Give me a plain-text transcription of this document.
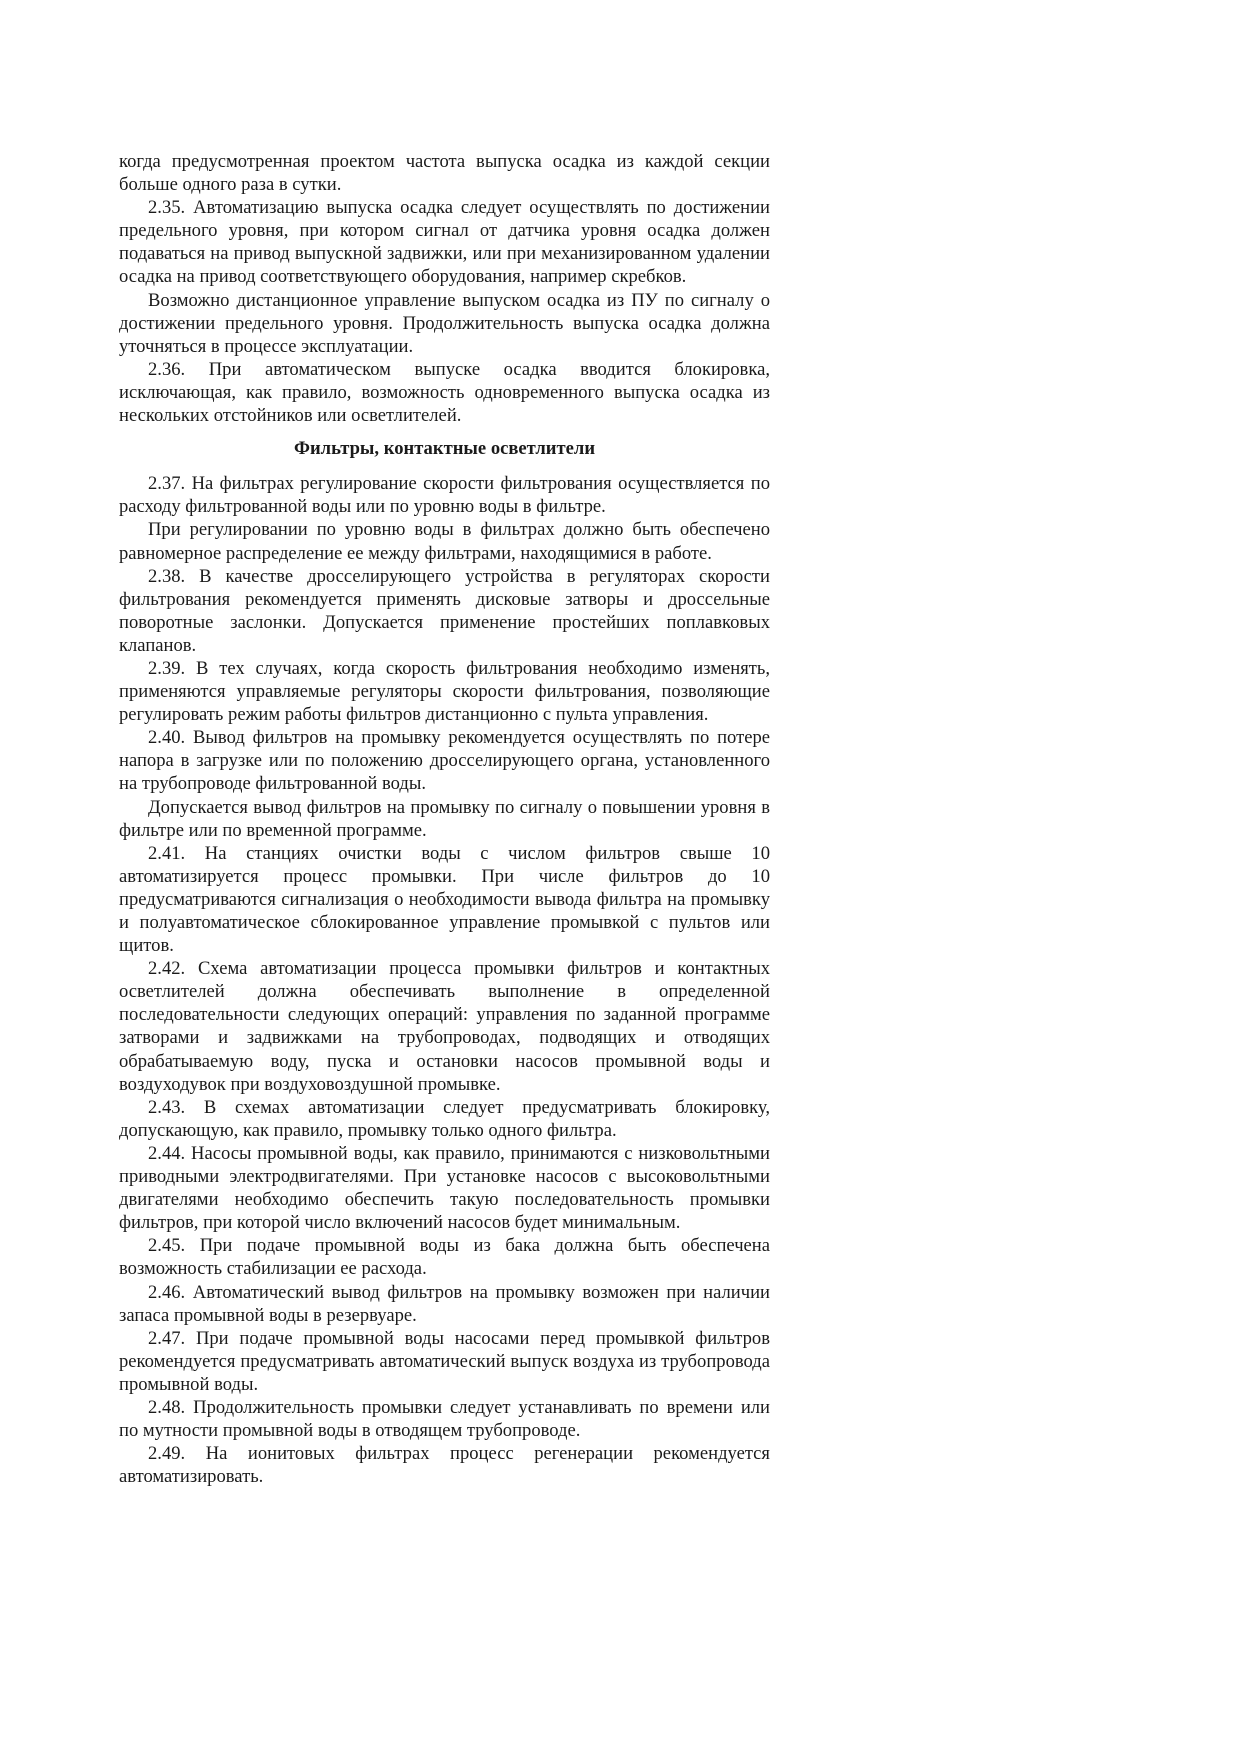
когда предусмотренная проектом частота выпуска осадка из каждой секции больше одного раза в сутки.

2.35. Автоматизацию выпуска осадка следует осуществлять по достижении предельного уровня, при котором сигнал от датчика уровня осадка должен подаваться на привод выпускной задвижки, или при механизированном удалении осадка на привод соответствующего оборудования, например скребков.

Возможно дистанционное управление выпуском осадка из ПУ по сигналу о достижении предельного уровня. Продолжительность выпуска осадка должна уточняться в процессе эксплуатации.

2.36. При автоматическом выпуске осадка вводится блокировка, исключающая, как правило, возможность одновременного выпуска осадка из нескольких отстойников или осветлителей.

Фильтры, контактные осветлители

2.37. На фильтрах регулирование скорости фильтрования осуществляется по расходу фильтрованной воды или по уровню воды в фильтре.

При регулировании по уровню воды в фильтрах должно быть обеспечено равномерное распределение ее между фильтрами, находящимися в работе.

2.38. В качестве дросселирующего устройства в регуляторах скорости фильтрования рекомендуется применять дисковые затворы и дроссельные поворотные заслонки. Допускается применение простейших поплавковых клапанов.

2.39. В тех случаях, когда скорость фильтрования необходимо изменять, применяются управляемые регуляторы скорости фильтрования, позволяющие регулировать режим работы фильтров дистанционно с пульта управления.

2.40. Вывод фильтров на промывку рекомендуется осуществлять по потере напора в загрузке или по положению дросселирующего органа, установленного на трубопроводе фильтрованной воды.

Допускается вывод фильтров на промывку по сигналу о повышении уровня в фильтре или по временной программе.

2.41. На станциях очистки воды с числом фильтров свыше 10 автоматизируется процесс промывки. При числе фильтров до 10 предусматриваются сигнализация о необходимости вывода фильтра на промывку и полуавтоматическое сблокированное управление промывкой с пультов или щитов.

2.42. Схема автоматизации процесса промывки фильтров и контактных осветлителей должна обеспечивать выполнение в определенной последовательности следующих операций: управления по заданной программе затворами и задвижками на трубопроводах, подводящих и отводящих обрабатываемую воду, пуска и остановки насосов промывной воды и воздуходувок при воздуховоздушной промывке.

2.43. В схемах автоматизации следует предусматривать блокировку, допускающую, как правило, промывку только одного фильтра.

2.44. Насосы промывной воды, как правило, принимаются с низковольтными приводными электродвигателями. При установке насосов с высоковольтными двигателями необходимо обеспечить такую последовательность промывки фильтров, при которой число включений насосов будет минимальным.

2.45. При подаче промывной воды из бака должна быть обеспечена возможность стабилизации ее расхода.

2.46. Автоматический вывод фильтров на промывку возможен при наличии запаса промывной воды в резервуаре.

2.47. При подаче промывной воды насосами перед промывкой фильтров рекомендуется предусматривать автоматический выпуск воздуха из трубопровода промывной воды.

2.48. Продолжительность промывки следует устанавливать по времени или по мутности промывной воды в отводящем трубопроводе.

2.49. На ионитовых фильтрах процесс регенерации рекомендуется автоматизировать.
